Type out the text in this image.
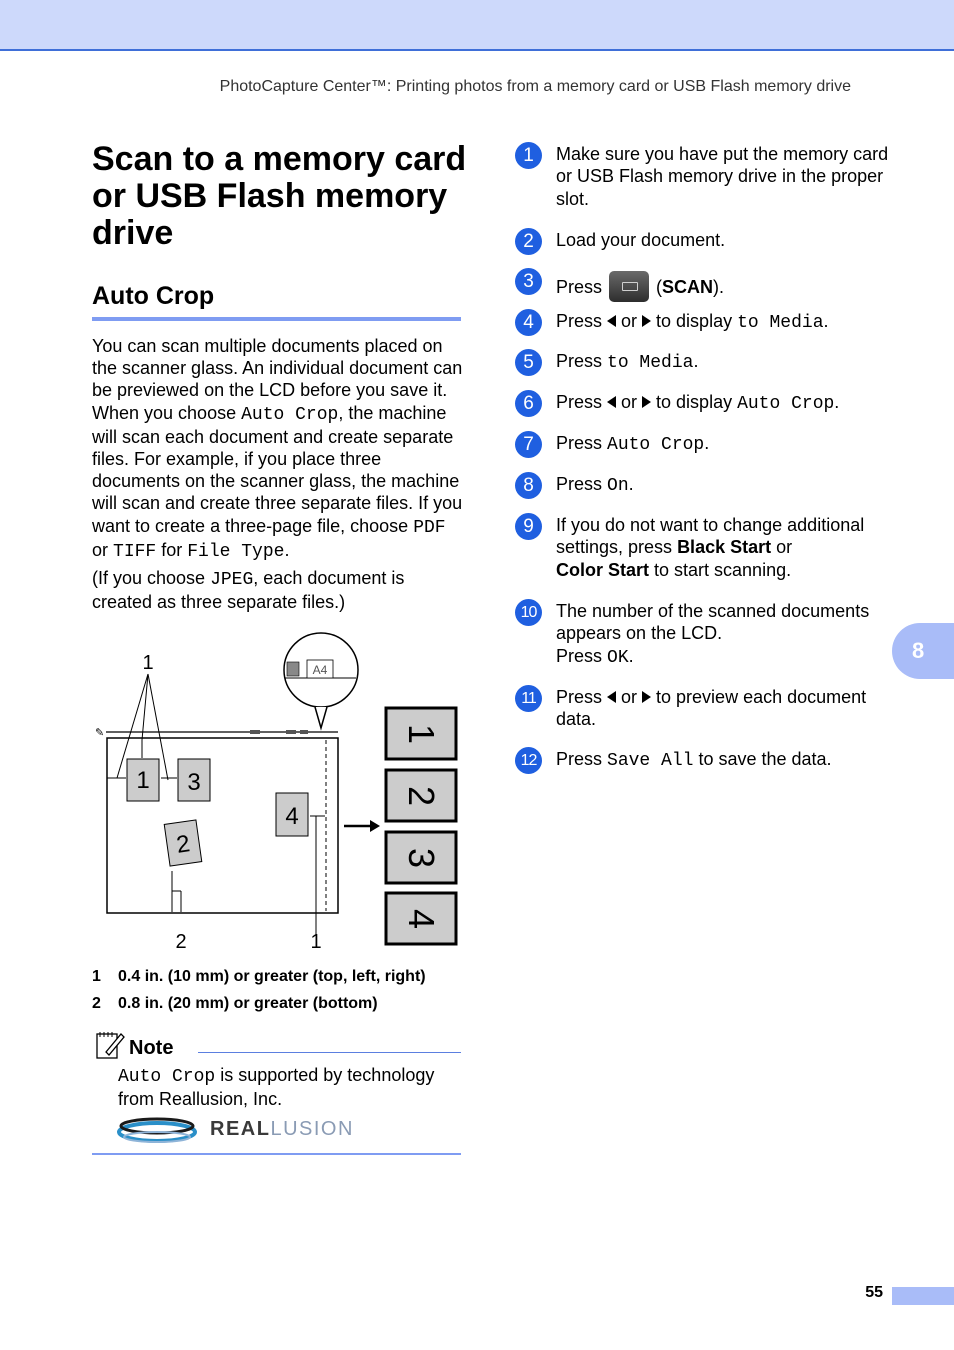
PhotoCapture Center™: Printing photos from a memory card or USB Flash memory drive
Scan to a memory card or USB Flash memory drive
Auto Crop
You can scan multiple documents placed on the scanner glass. An individual document can be previewed on the LCD before you save it. When you choose Auto Crop, the machine will scan each document and create separate files. For example, if you place three documents on the scanner glass, the machine will scan and create three separate files. If you want to create a three-page file, choose PDF or TIFF for File Type.
(If you choose JPEG, each document is created as three separate files.)
✎
1 3
2
4
1
2	1
A4
1
2
3
4
1 0.4 in. (10 mm) or greater (top, left, right)
2 0.8 in. (20 mm) or greater (bottom)
Note
Auto Crop is supported by technology from Reallusion, Inc.
REALLUSION
1	Make sure you have put the memory card or USB Flash memory drive in the proper slot.
2	Load your document.
3	Press  (SCAN).
4	Press  or  to display to Media.
5	Press to Media.
6	Press  or  to display Auto Crop.
7	Press Auto Crop.
8	Press On.
9	If you do not want to change additional settings, press Black Start or
Color Start to start scanning.
10	The number of the scanned documents appears on the LCD.
Press OK.
11	Press  or  to preview each document data.
12	Press Save All to save the data.
8
55
